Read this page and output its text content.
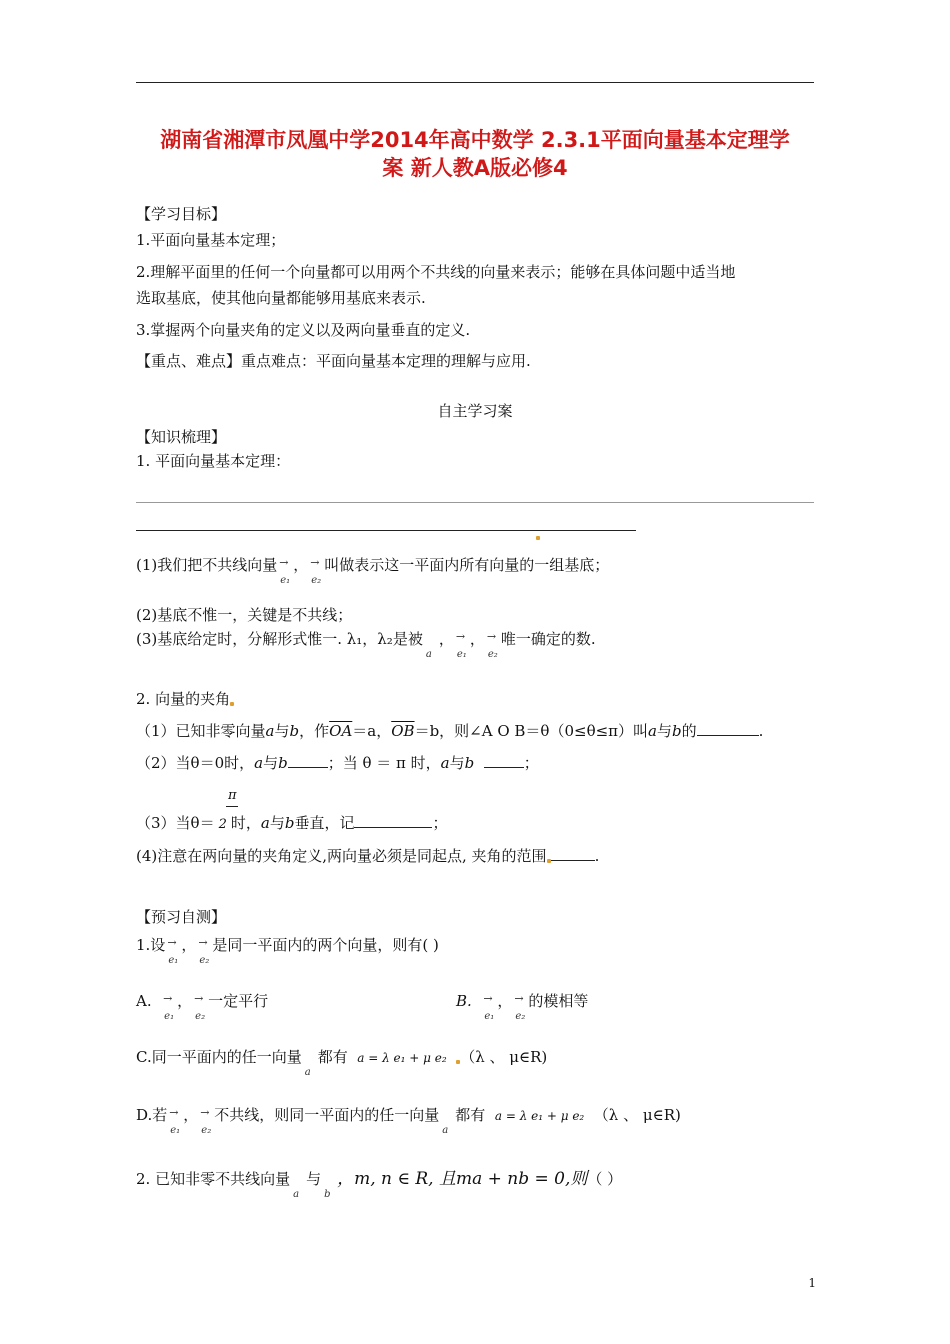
湖南省湘潭市凤凰中学2014年高中数学 2.3.1平面向量基本定理学
案 新人教A版必修4
【学习目标】
1.平面向量基本定理；
2.理解平面里的任何一个向量都可以用两个不共线的向量来表示；能够在具体问题中适当地
选取基底，使其他向量都能够用基底来表示.
3.掌握两个向量夹角的定义以及两向量垂直的定义.
【重点、难点】重点难点：平面向量基本定理的理解与应用.
自主学习案
【知识梳理】
1. 平面向量基本定理：
(1)我们把不共线向量 →
e₁
， →
e₂
叫做表示这一平面内所有向量的一组基底；
(2)基底不惟一，关键是不共线；
(3)基底给定时，分解形式惟一. λ₁，λ₂是被
a
， →
e₁
， →
e₂
唯一确定的数.
2. 向量的夹角
（1）已知非零向量a与b，作$\overline{OA}=a$，$\overline{OB}=b$，则∠A O B＝θ（0≤θ≤π）叫a与b的	.
（2）当θ＝0时，a与b	；当 θ ＝ π 时，a与b	；
π
（3）当θ＝ 2 时，a与b垂直，记	；
(4)注意在两向量的夹角定义,两向量必须是同起点, 夹角的范围	.
【预习自测】
1.设 →
e₁
， →
e₂
是同一平面内的两个向量，则有( )
A. →
e₁
， →
e₂
一定平行	B. →
e₁
， →
e₂
的模相等
C.同一平面内的任一向量
a
都有 a = λ e₁ + μ e₂ （λ 、 μ∈R)
D.若 →
e₁
， →
e₂
不共线，则同一平面内的任一向量
a
都有 a = λ e₁ + μ e₂ （λ 、 μ∈R)
2. 已知非零不共线向量
a
与
b
，m, n ∈ R, 且ma + nb = 0,则（ ）
1
